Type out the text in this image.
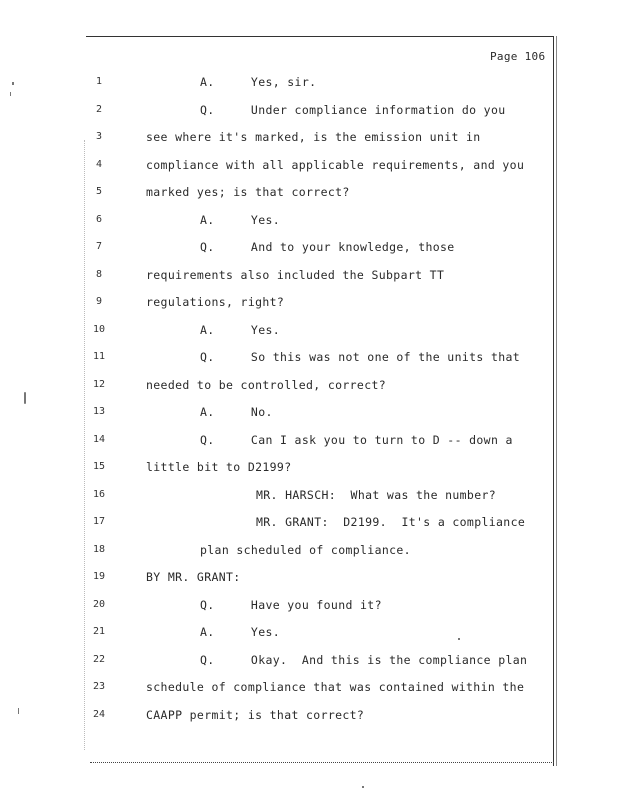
Page 106
1	A.     Yes, sir.
2	Q.     Under compliance information do you
3	see where it's marked, is the emission unit in
4	compliance with all applicable requirements, and you
5	marked yes; is that correct?
6	A.     Yes.
7	Q.     And to your knowledge, those
8	requirements also included the Subpart TT
9	regulations, right?
10	A.     Yes.
11	Q.     So this was not one of the units that
12	needed to be controlled, correct?
13	A.     No.
14	Q.     Can I ask you to turn to D -- down a
15	little bit to D2199?
16	MR. HARSCH:  What was the number?
17	MR. GRANT:  D2199.  It's a compliance
18	plan scheduled of compliance.
19	BY MR. GRANT:
20	Q.     Have you found it?
21	A.     Yes.
22	Q.     Okay.  And this is the compliance plan
23	schedule of compliance that was contained within the
24	CAAPP permit; is that correct?
